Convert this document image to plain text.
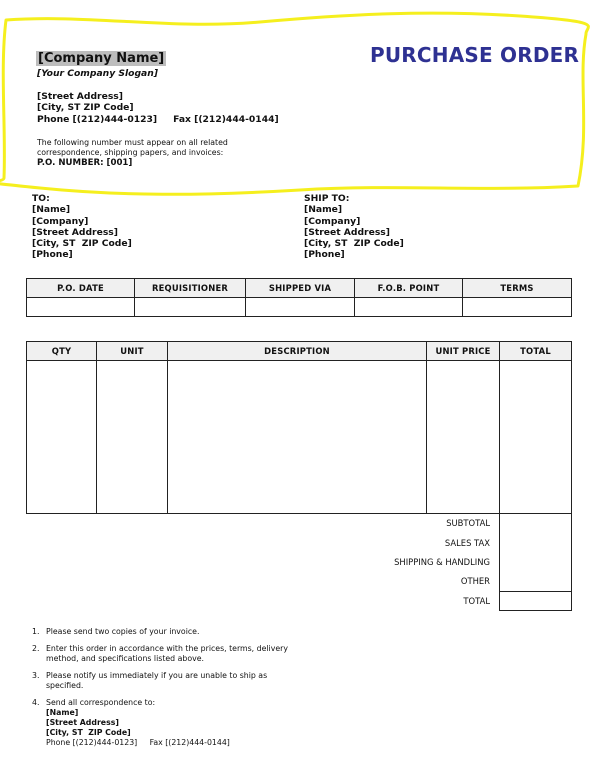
[Company Name]
[Your Company Slogan]
PURCHASE ORDER
[Street Address]
[City, ST ZIP Code]
Phone [(212)444-0123]     Fax [(212)444-0144]
The following number must appear on all related
correspondence, shipping papers, and invoices:
P.O. NUMBER: [001]
TO:
[Name]
[Company]
[Street Address]
[City, ST  ZIP Code]
[Phone]
SHIP TO:
[Name]
[Company]
[Street Address]
[City, ST  ZIP Code]
[Phone]
P.O. DATE	REQUISITIONER	SHIPPED VIA	F.O.B. POINT	TERMS

QTY	UNIT	DESCRIPTION	UNIT PRICE	TOTAL

SUBTOTAL
SALES TAX
SHIPPING & HANDLING
OTHER
TOTAL
1. Please send two copies of your invoice.
2. Enter this order in accordance with the prices, terms, delivery
method, and specifications listed above.
3. Please notify us immediately if you are unable to ship as
specified.
4. Send all correspondence to:
[Name]
[Street Address]
[City, ST  ZIP Code]
Phone [(212)444-0123]     Fax [(212)444-0144]
